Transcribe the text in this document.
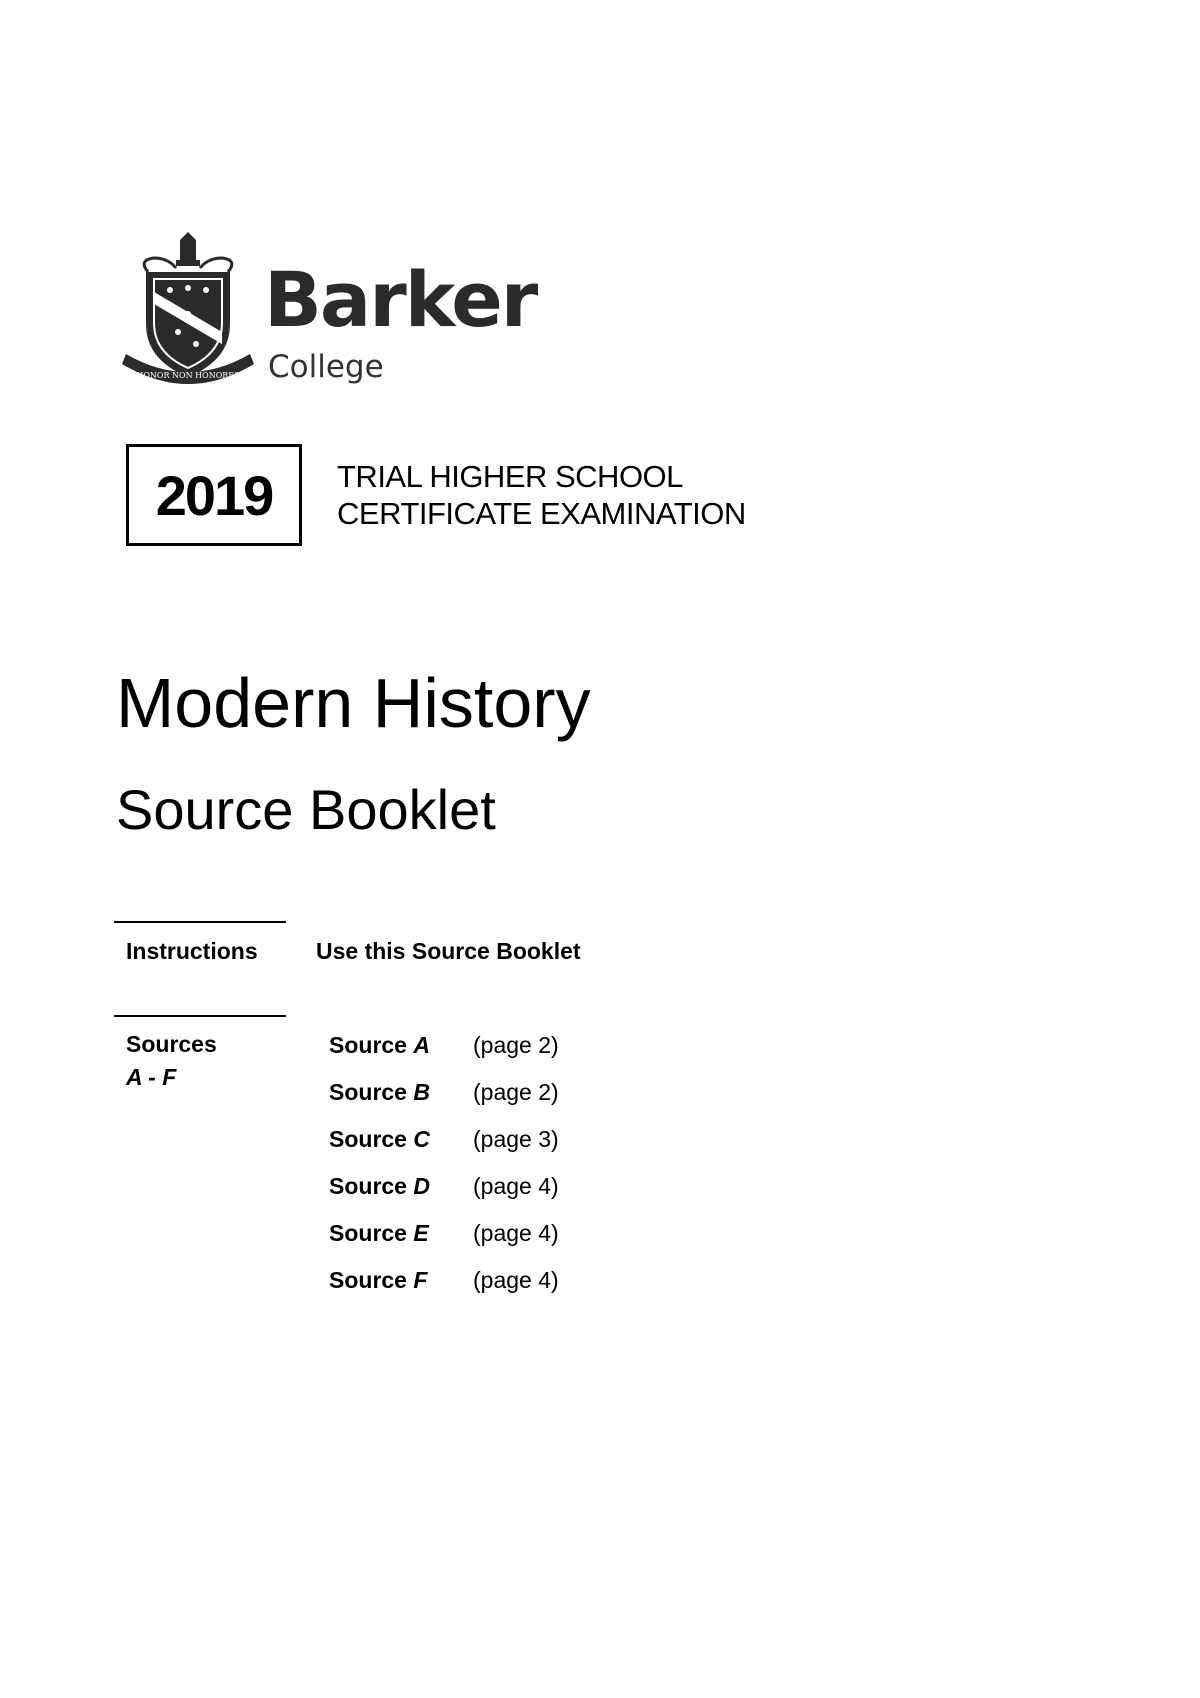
HONOR NON HONORES
Barker
College
2019 TRIAL HIGHER SCHOOL
CERTIFICATE EXAMINATION
Modern History
Source Booklet
Instructions	Use this Source Booklet
Sources
A - F
Source A (page 2)
Source B (page 2)
Source C (page 3)
Source D (page 4)
Source E (page 4)
Source F (page 4)
